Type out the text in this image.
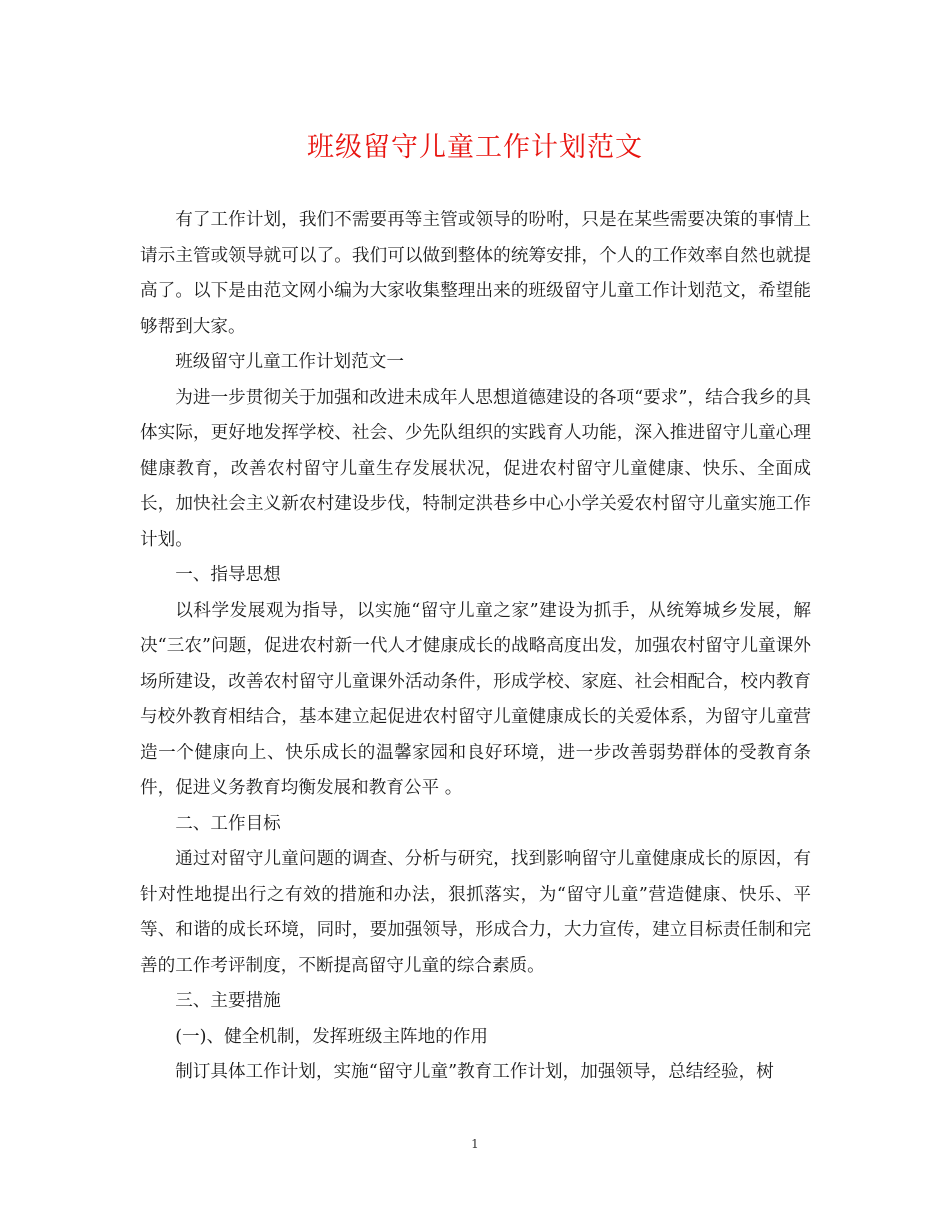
班级留守儿童工作计划范文

有了工作计划，我们不需要再等主管或领导的吩咐，只是在某些需要决策的事情上请示主管或领导就可以了。我们可以做到整体的统筹安排，个人的工作效率自然也就提高了。以下是由范文网小编为大家收集整理出来的班级留守儿童工作计划范文，希望能够帮到大家。

班级留守儿童工作计划范文一

为进一步贯彻关于加强和改进未成年人思想道德建设的各项“要求”，结合我乡的具体实际，更好地发挥学校、社会、少先队组织的实践育人功能，深入推进留守儿童心理健康教育，改善农村留守儿童生存发展状况，促进农村留守儿童健康、快乐、全面成长，加快社会主义新农村建设步伐，特制定洪巷乡中心小学关爱农村留守儿童实施工作计划。

一、指导思想

以科学发展观为指导，以实施“留守儿童之家”建设为抓手，从统筹城乡发展，解决“三农”问题，促进农村新一代人才健康成长的战略高度出发，加强农村留守儿童课外场所建设，改善农村留守儿童课外活动条件，形成学校、家庭、社会相配合，校内教育与校外教育相结合，基本建立起促进农村留守儿童健康成长的关爱体系，为留守儿童营造一个健康向上、快乐成长的温馨家园和良好环境，进一步改善弱势群体的受教育条件，促进义务教育均衡发展和教育公平 。

二、工作目标

通过对留守儿童问题的调查、分析与研究，找到影响留守儿童健康成长的原因，有针对性地提出行之有效的措施和办法，狠抓落实，为“留守儿童”营造健康、快乐、平等、和谐的成长环境，同时，要加强领导，形成合力，大力宣传，建立目标责任制和完善的工作考评制度，不断提高留守儿童的综合素质。

三、主要措施

(一)、健全机制，发挥班级主阵地的作用

制订具体工作计划，实施“留守儿童”教育工作计划，加强领导，总结经验，树

1
